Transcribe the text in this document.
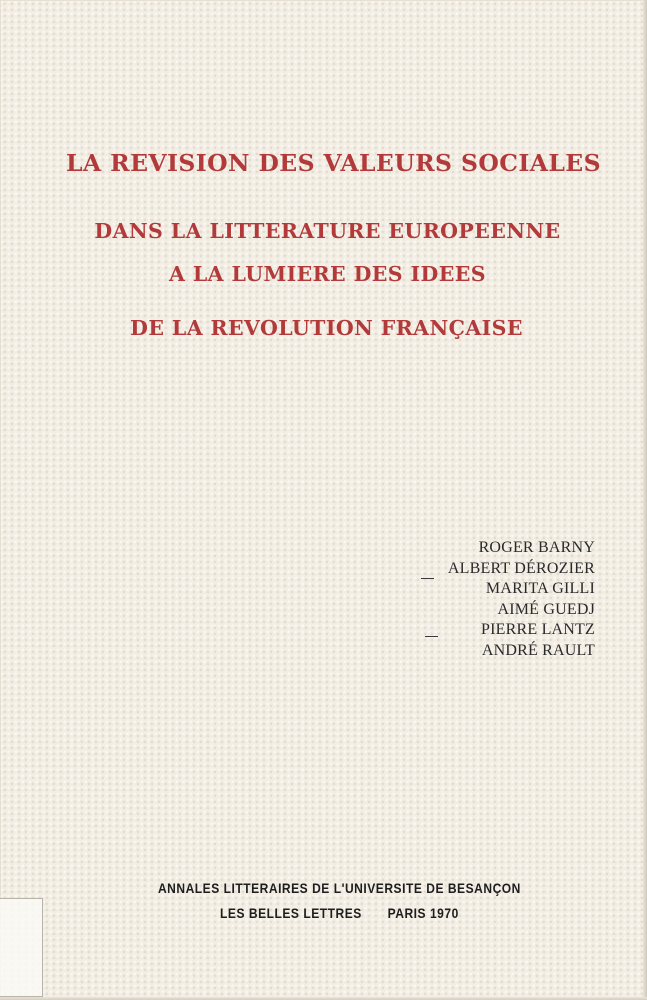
LA REVISION DES VALEURS SOCIALES
DANS LA LITTERATURE EUROPEENNE
A LA LUMIERE DES IDEES
DE LA REVOLUTION FRANÇAISE
ROGER BARNY
ALBERT DÉROZIER
MARITA GILLI
AIMÉ GUEDJ
PIERRE LANTZ
ANDRÉ RAULT
ANNALES LITTERAIRES DE L'UNIVERSITE DE BESANÇON
LES BELLES LETTRES PARIS 1970
